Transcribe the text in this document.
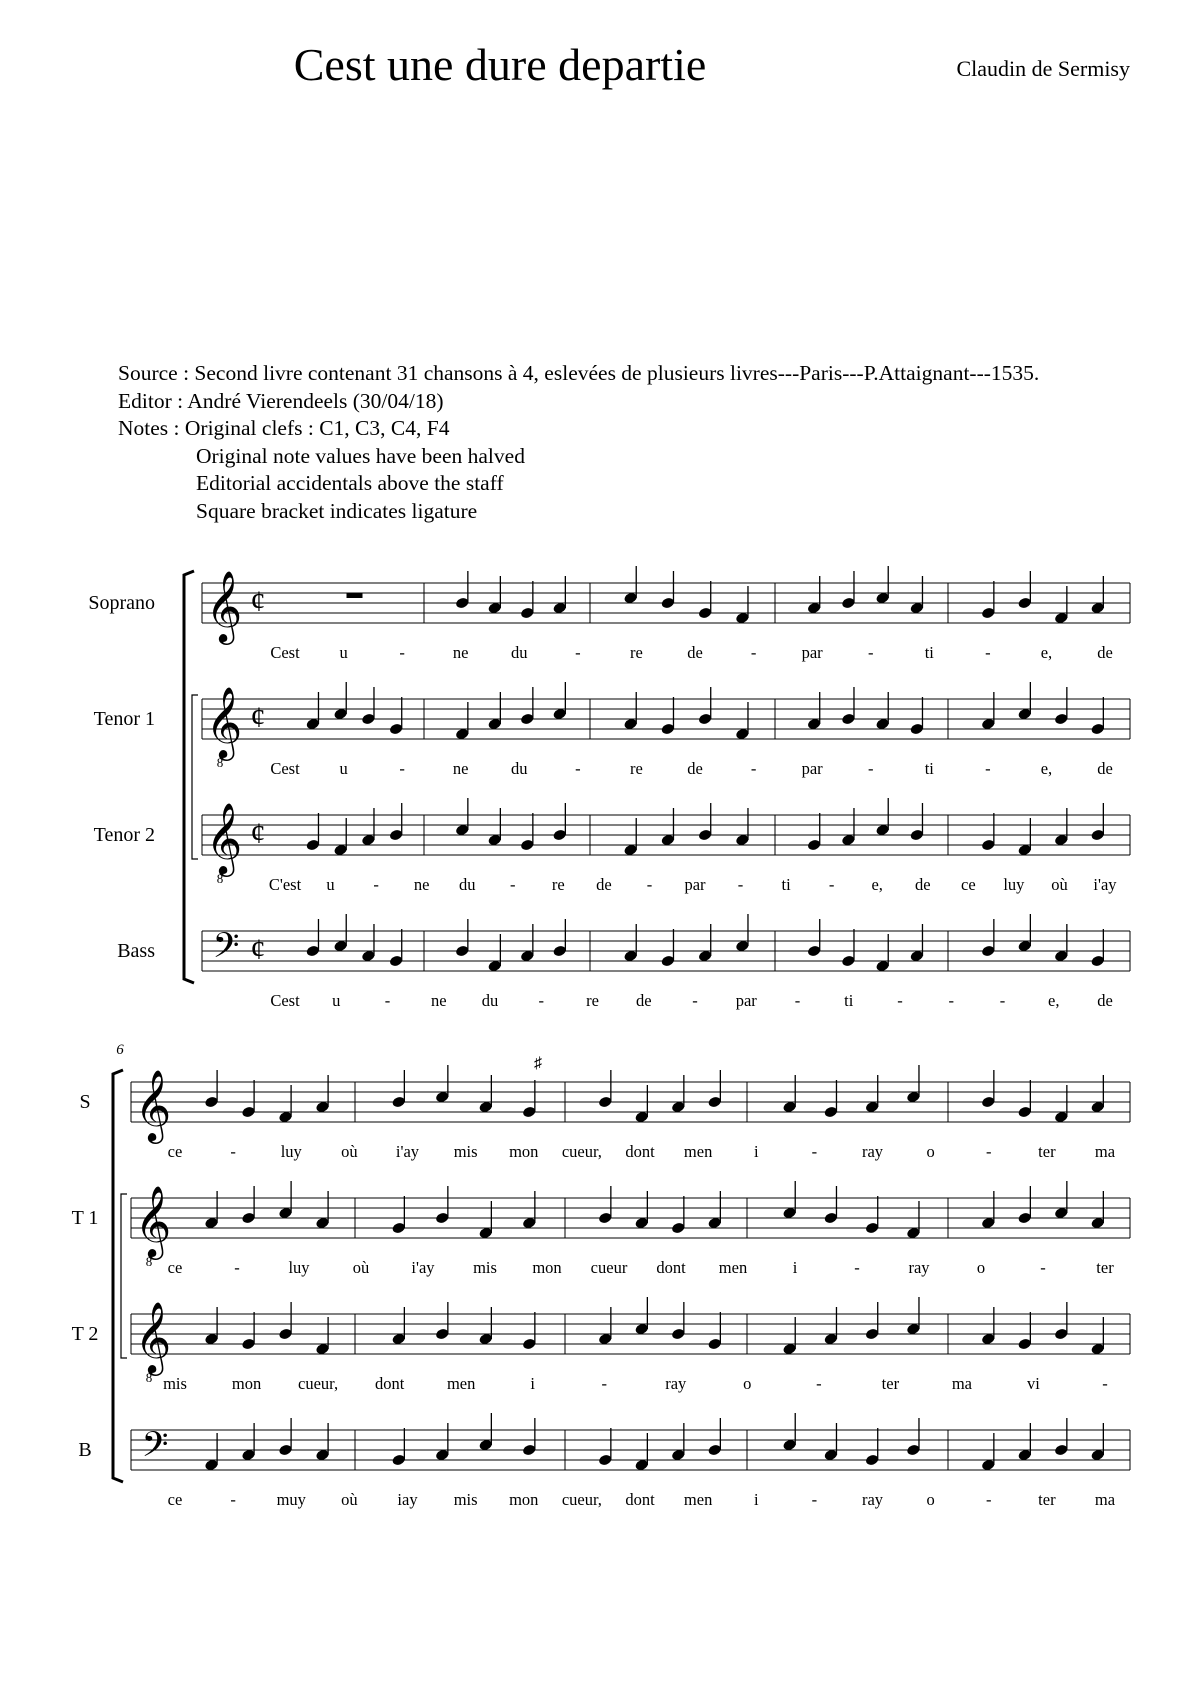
Cest une dure departie	Claudin de Sermisy
Source : Second livre contenant 31 chansons à 4, eslevées de plusieurs livres---Paris---P.Attaignant---1535.
Editor : André Vierendeels (30/04/18)
Notes : Original clefs : C1, C3, C4, F4
Original note values have been halved
Editorial accidentals above the staff
Square bracket indicates ligature
Soprano 𝄞 ¢
Cest u	-	ne	du	-	re	de	-	par	-	ti	-	e,	de
Tenor 1 𝄞
8
¢
Cest u	-	ne	du	-	re	de	-	par	-	ti	-	e,	de
Tenor 2 𝄞
8
¢
C'est u - ne du - re de - par - ti - e, de ce luy où i'ay
Bass 𝄢 ¢
Cest u	- ne du -	re de - par -	ti	-	-	-	e, de
6
S 𝄞
ce	-	luy où i'ay mis mon cueur, dont men	i	-	ray	o	-	ter ma
T 1 𝄞
8 ce	-	luy	où	i'ay mis mon cueur dont men	i	-	ray	o	-	ter
T 2 𝄞
8 mis	mon cueur, dont	men	i	-	ray	o	-	ter	ma	vi	-
B 𝄢
ce	- muy où iay mis mon cueur, dont men	i	-	ray	o	-	ter ma
♯
